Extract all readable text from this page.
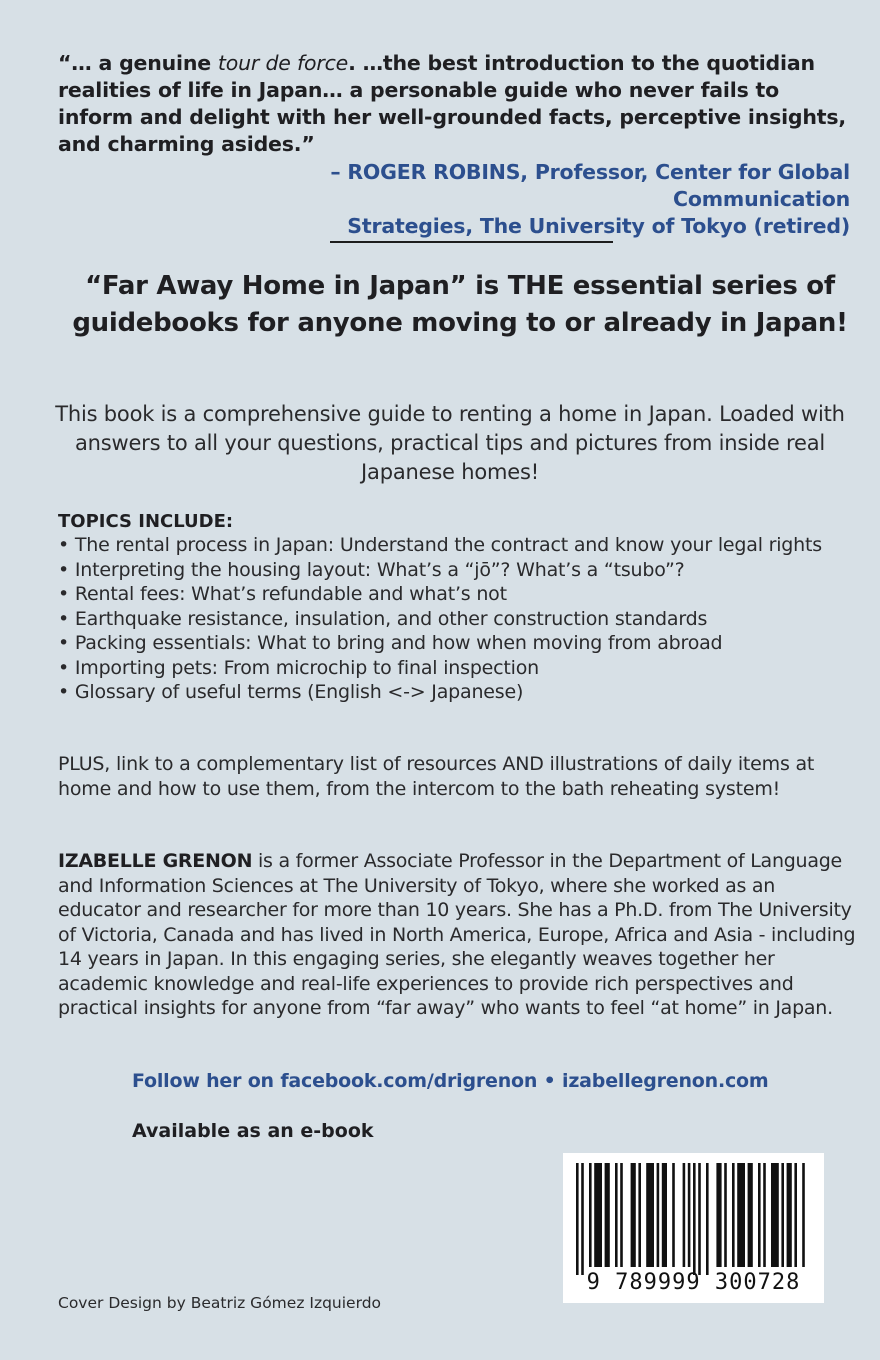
“… a genuine tour de force. …the best introduction to the quotidian realities of life in Japan… a personable guide who never fails to inform and delight with her well-grounded facts, perceptive insights, and charming asides.”
– ROGER ROBINS, Professor, Center for Global Communication
Strategies, The University of Tokyo (retired)
“Far Away Home in Japan” is THE essential series of guidebooks for anyone moving to or already in Japan!
This book is a comprehensive guide to renting a home in Japan. Loaded with answers to all your questions, practical tips and pictures from inside real Japanese homes!
TOPICS INCLUDE:
• The rental process in Japan: Understand the contract and know your legal rights
• Interpreting the housing layout: What’s a “jō”? What’s a “tsubo”?
• Rental fees: What’s refundable and what’s not
• Earthquake resistance, insulation, and other construction standards
• Packing essentials: What to bring and how when moving from abroad
• Importing pets: From microchip to final inspection
• Glossary of useful terms (English <-> Japanese)
PLUS, link to a complementary list of resources AND illustrations of daily items at home and how to use them, from the intercom to the bath reheating system!
IZABELLE GRENON is a former Associate Professor in the Department of Language and Information Sciences at The University of Tokyo, where she worked as an educator and researcher for more than 10 years. She has a Ph.D. from The University of Victoria, Canada and has lived in North America, Europe, Africa and Asia - including 14 years in Japan. In this engaging series, she elegantly weaves together her academic knowledge and real-life experiences to provide rich perspectives and practical insights for anyone from “far away” who wants to feel “at home” in Japan.
Follow her on facebook.com/drigrenon • izabellegrenon.com
Available as an e-book
9 789999 300728
Cover Design by Beatriz Gómez Izquierdo
